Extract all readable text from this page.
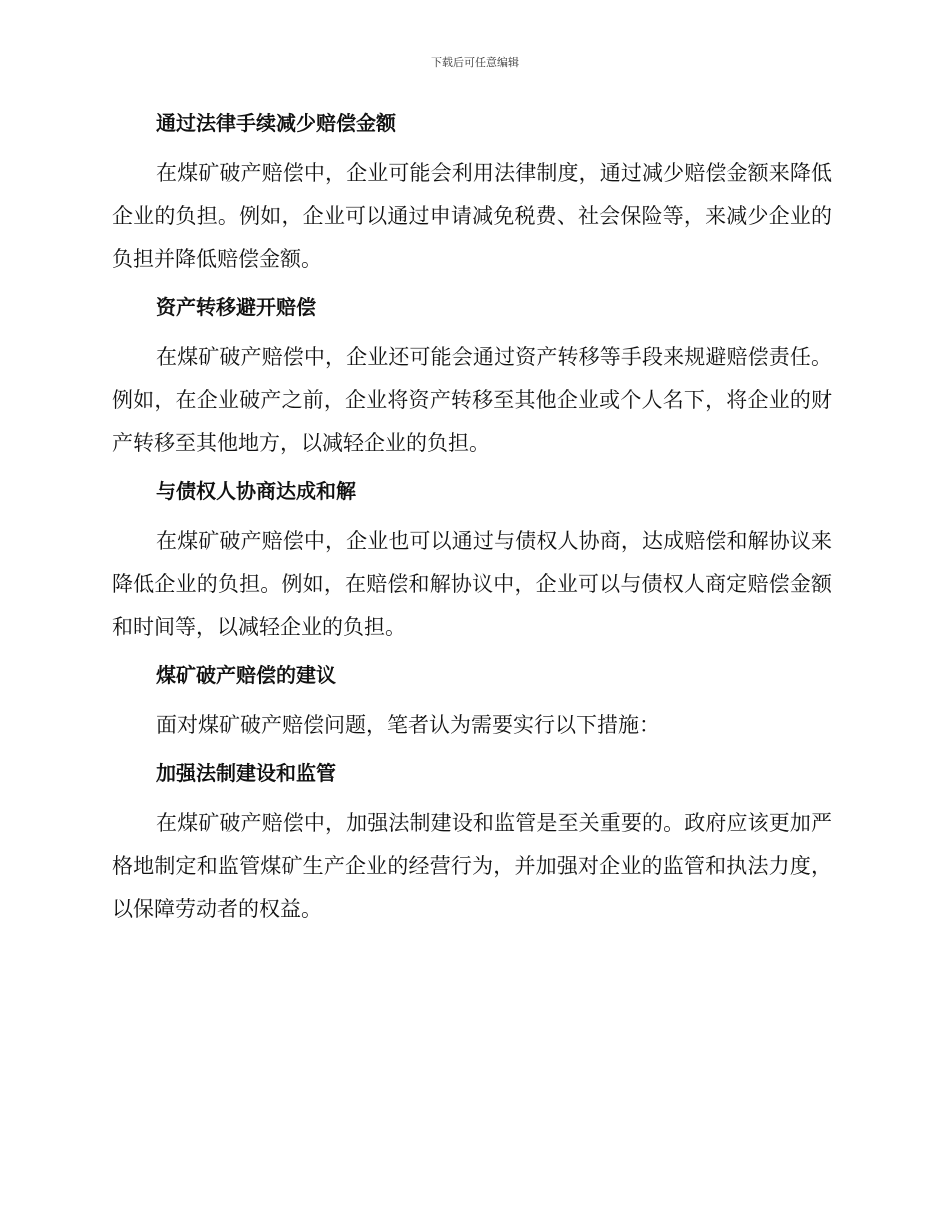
下载后可任意编辑
通过法律手续减少赔偿金额

在煤矿破产赔偿中，企业可能会利用法律制度，通过减少赔偿金额来降低企业的负担。例如，企业可以通过申请减免税费、社会保险等，来减少企业的负担并降低赔偿金额。

资产转移避开赔偿

在煤矿破产赔偿中，企业还可能会通过资产转移等手段来规避赔偿责任。例如，在企业破产之前，企业将资产转移至其他企业或个人名下，将企业的财产转移至其他地方，以减轻企业的负担。

与债权人协商达成和解

在煤矿破产赔偿中，企业也可以通过与债权人协商，达成赔偿和解协议来降低企业的负担。例如，在赔偿和解协议中，企业可以与债权人商定赔偿金额和时间等，以减轻企业的负担。

煤矿破产赔偿的建议

面对煤矿破产赔偿问题，笔者认为需要实行以下措施：

加强法制建设和监管

在煤矿破产赔偿中，加强法制建设和监管是至关重要的。政府应该更加严格地制定和监管煤矿生产企业的经营行为，并加强对企业的监管和执法力度，以保障劳动者的权益。
